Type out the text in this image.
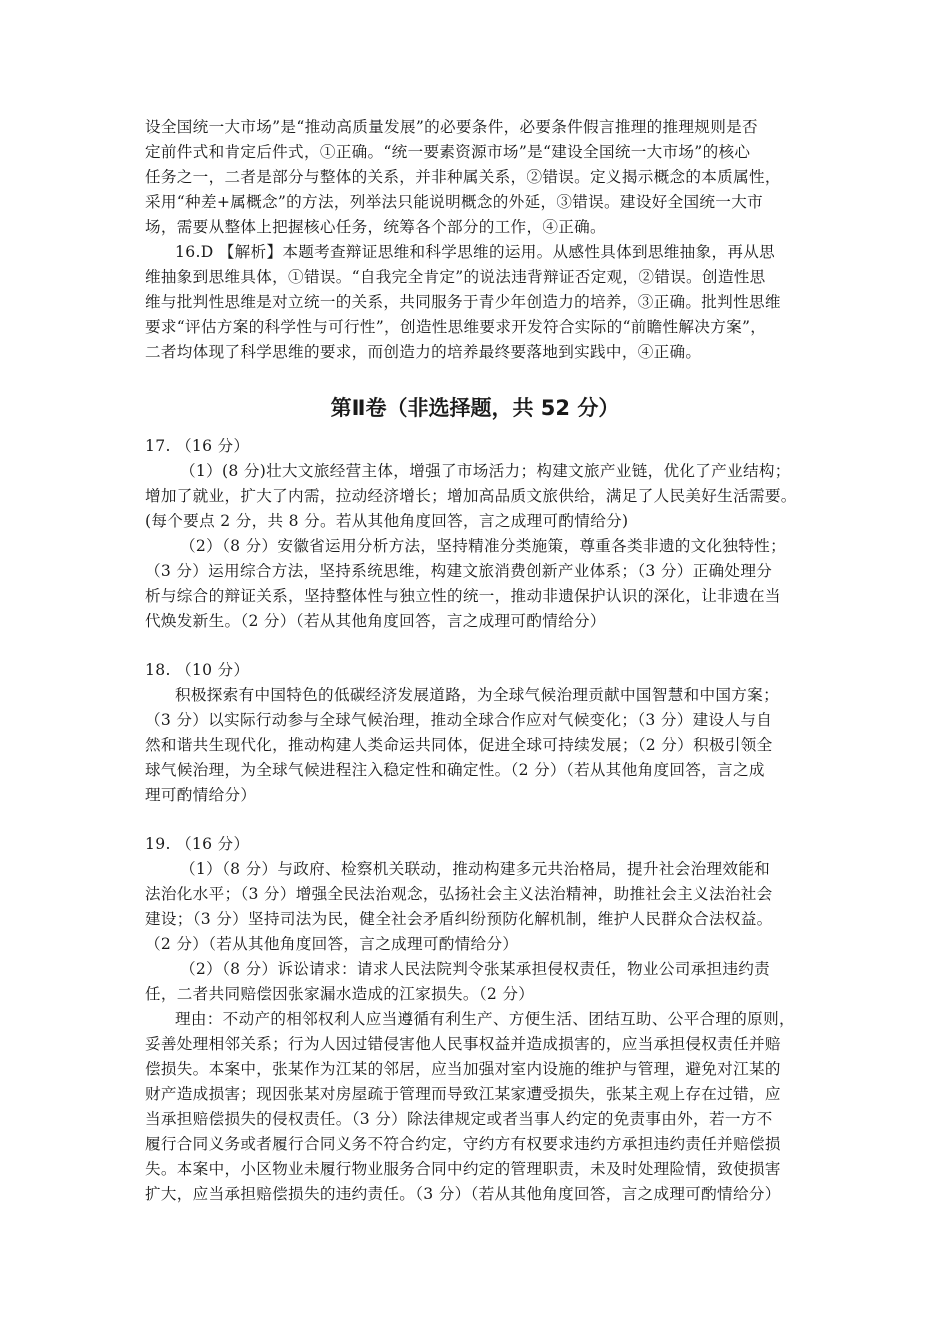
设全国统一大市场”是“推动高质量发展”的必要条件，必要条件假言推理的推理规则是否
定前件式和肯定后件式，①正确。“统一要素资源市场”是“建设全国统一大市场”的核心
任务之一，二者是部分与整体的关系，并非种属关系，②错误。定义揭示概念的本质属性，
采用“种差+属概念”的方法，列举法只能说明概念的外延，③错误。建设好全国统一大市
场，需要从整体上把握核心任务，统筹各个部分的工作，④正确。
16.D 【解析】本题考查辩证思维和科学思维的运用。从感性具体到思维抽象，再从思
维抽象到思维具体，①错误。“自我完全肯定”的说法违背辩证否定观，②错误。创造性思
维与批判性思维是对立统一的关系，共同服务于青少年创造力的培养，③正确。批判性思维
要求“评估方案的科学性与可行性”，创造性思维要求开发符合实际的“前瞻性解决方案”，
二者均体现了科学思维的要求，而创造力的培养最终要落地到实践中，④正确。
第Ⅱ卷（非选择题，共 52 分）
17. （16 分）
（1）(8 分)壮大文旅经营主体，增强了市场活力；构建文旅产业链，优化了产业结构；
增加了就业，扩大了内需，拉动经济增长；增加高品质文旅供给，满足了人民美好生活需要。
(每个要点 2 分，共 8 分。若从其他角度回答，言之成理可酌情给分)
（2）（8 分）安徽省运用分析方法，坚持精准分类施策，尊重各类非遗的文化独特性；
（3 分）运用综合方法，坚持系统思维，构建文旅消费创新产业体系；（3 分）正确处理分
析与综合的辩证关系，坚持整体性与独立性的统一，推动非遗保护认识的深化，让非遗在当
代焕发新生。（2 分）（若从其他角度回答，言之成理可酌情给分）
18. （10 分）
积极探索有中国特色的低碳经济发展道路，为全球气候治理贡献中国智慧和中国方案；
（3 分）以实际行动参与全球气候治理，推动全球合作应对气候变化；（3 分）建设人与自
然和谐共生现代化，推动构建人类命运共同体，促进全球可持续发展；（2 分）积极引领全
球气候治理，为全球气候进程注入稳定性和确定性。（2 分）（若从其他角度回答，言之成
理可酌情给分）
19. （16 分）
（1）（8 分）与政府、检察机关联动，推动构建多元共治格局，提升社会治理效能和
法治化水平；（3 分）增强全民法治观念，弘扬社会主义法治精神，助推社会主义法治社会
建设；（3 分）坚持司法为民，健全社会矛盾纠纷预防化解机制，维护人民群众合法权益。
（2 分）（若从其他角度回答，言之成理可酌情给分）
（2）（8 分）诉讼请求：请求人民法院判令张某承担侵权责任，物业公司承担违约责
任，二者共同赔偿因张家漏水造成的江家损失。（2 分）
理由：不动产的相邻权利人应当遵循有利生产、方便生活、团结互助、公平合理的原则，
妥善处理相邻关系；行为人因过错侵害他人民事权益并造成损害的，应当承担侵权责任并赔
偿损失。本案中，张某作为江某的邻居，应当加强对室内设施的维护与管理，避免对江某的
财产造成损害；现因张某对房屋疏于管理而导致江某家遭受损失，张某主观上存在过错，应
当承担赔偿损失的侵权责任。（3 分）除法律规定或者当事人约定的免责事由外，若一方不
履行合同义务或者履行合同义务不符合约定，守约方有权要求违约方承担违约责任并赔偿损
失。本案中，小区物业未履行物业服务合同中约定的管理职责，未及时处理险情，致使损害
扩大，应当承担赔偿损失的违约责任。（3 分）（若从其他角度回答，言之成理可酌情给分）
